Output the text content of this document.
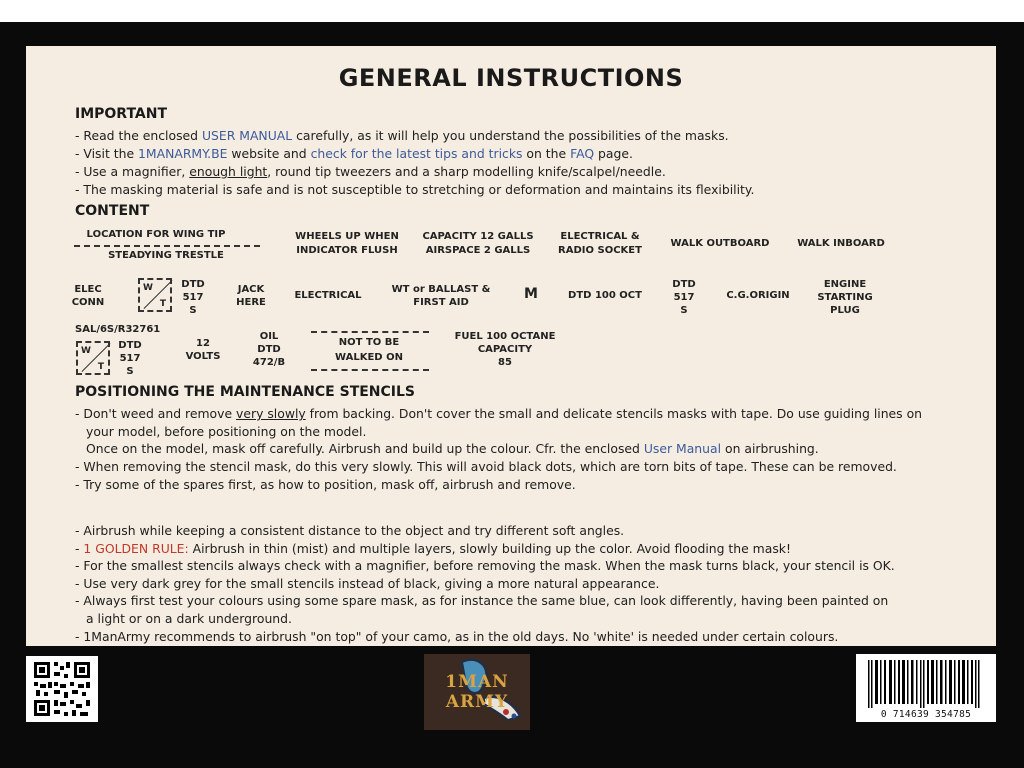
GENERAL INSTRUCTIONS
IMPORTANT
- Read the enclosed USER MANUAL carefully, as it will help you understand the possibilities of the masks.
- Visit the 1MANARMY.BE website and check for the latest tips and tricks on the FAQ page.
- Use a magnifier, enough light, round tip tweezers and a sharp modelling knife/scalpel/needle.
- The masking material is safe and is not susceptible to stretching or deformation and maintains its flexibility.
CONTENT
LOCATION FOR WING TIP
STEADYING TRESTLE
WHEELS UP WHEN
INDICATOR FLUSH
CAPACITY 12 GALLS
AIRSPACE 2 GALLS
ELECTRICAL &
RADIO SOCKET
WALK OUTBOARD	WALK INBOARD
ELEC
CONN
W
T
DTD
517
S
JACK
HERE
ELECTRICAL
WT or BALLAST &
FIRST AID
M	DTD 100 OCT
DTD
517
S
C.G.ORIGIN
ENGINE
STARTING
PLUG
SAL/6S/R32761
W
T
DTD
517
S
12
VOLTS
OIL
DTD
472/B
NOT TO BE
WALKED ON
FUEL 100 OCTANE
CAPACITY
85
POSITIONING THE MAINTENANCE STENCILS
- Don't weed and remove very slowly from backing. Don't cover the small and delicate stencils masks with tape. Do use guiding lines on
your model, before positioning on the model.
Once on the model, mask off carefully. Airbrush and build up the colour. Cfr. the enclosed User Manual on airbrushing.
- When removing the stencil mask, do this very slowly. This will avoid black dots, which are torn bits of tape. These can be removed.
- Try some of the spares first, as how to position, mask off, airbrush and remove.
- Airbrush while keeping a consistent distance to the object and try different soft angles.
- 1 GOLDEN RULE: Airbrush in thin (mist) and multiple layers, slowly building up the color. Avoid flooding the mask!
- For the smallest stencils always check with a magnifier, before removing the mask. When the mask turns black, your stencil is OK.
- Use very dark grey for the small stencils instead of black, giving a more natural appearance.
- Always first test your colours using some spare mask, as for instance the same blue, can look differently, having been painted on
a light or on a dark underground.
- 1ManArmy recommends to airbrush "on top" of your camo, as in the old days. No 'white' is needed under certain colours.
1MAN
ARMY
0 714639 354785
